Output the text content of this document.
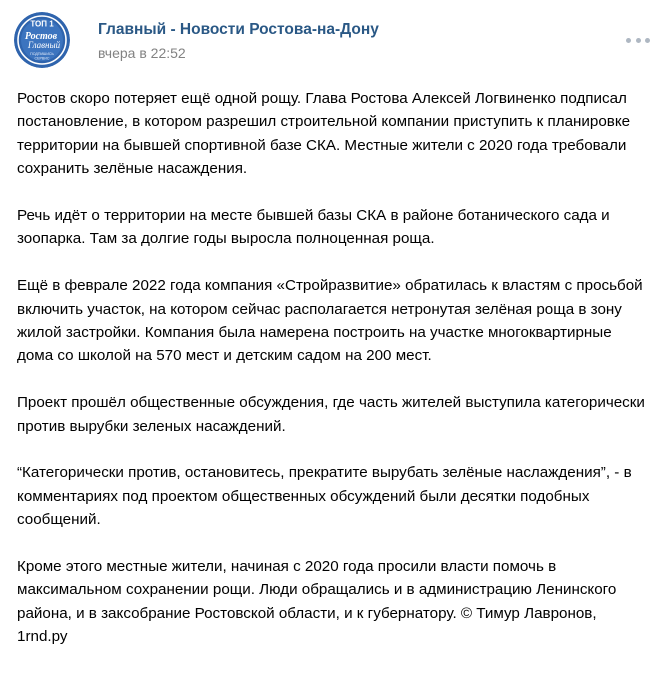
ТОП 1
Ростов
Главный
ПОДПИШИСЬ
СЕРВИС
Главный - Новости Ростова-на-Дону
вчера в 22:52

Ростов скоро потеряет ещё одной рощу. Глава Ростова Алексей Логвиненко подписал постановление, в котором разрешил строительной компании приступить к планировке территории на бывшей спортивной базе СКА. Местные жители с 2020 года требовали сохранить зелёные насаждения.

Речь идёт о территории на месте бывшей базы СКА в районе ботанического сада и зоопарка. Там за долгие годы выросла полноценная роща.

Ещё в феврале 2022 года компания «Стройразвитие» обратилась к властям с просьбой включить участок, на котором сейчас располагается нетронутая зелёная роща в зону жилой застройки. Компания была намерена построить на участке многоквартирные дома со школой на 570 мест и детским садом на 200 мест.

Проект прошёл общественные обсуждения, где часть жителей выступила категорически против вырубки зеленых насаждений.

“Категорически против, остановитесь, прекратите вырубать зелёные наслаждения”, - в комментариях под проектом общественных обсуждений были десятки подобных сообщений.

Кроме этого местные жители, начиная с 2020 года просили власти помочь в максимальном сохранении рощи. Люди обращались и в администрацию Ленинского района, и в заксобрание Ростовской области, и к губернатору. © Тимур Лавронов, 1rnd.ру
